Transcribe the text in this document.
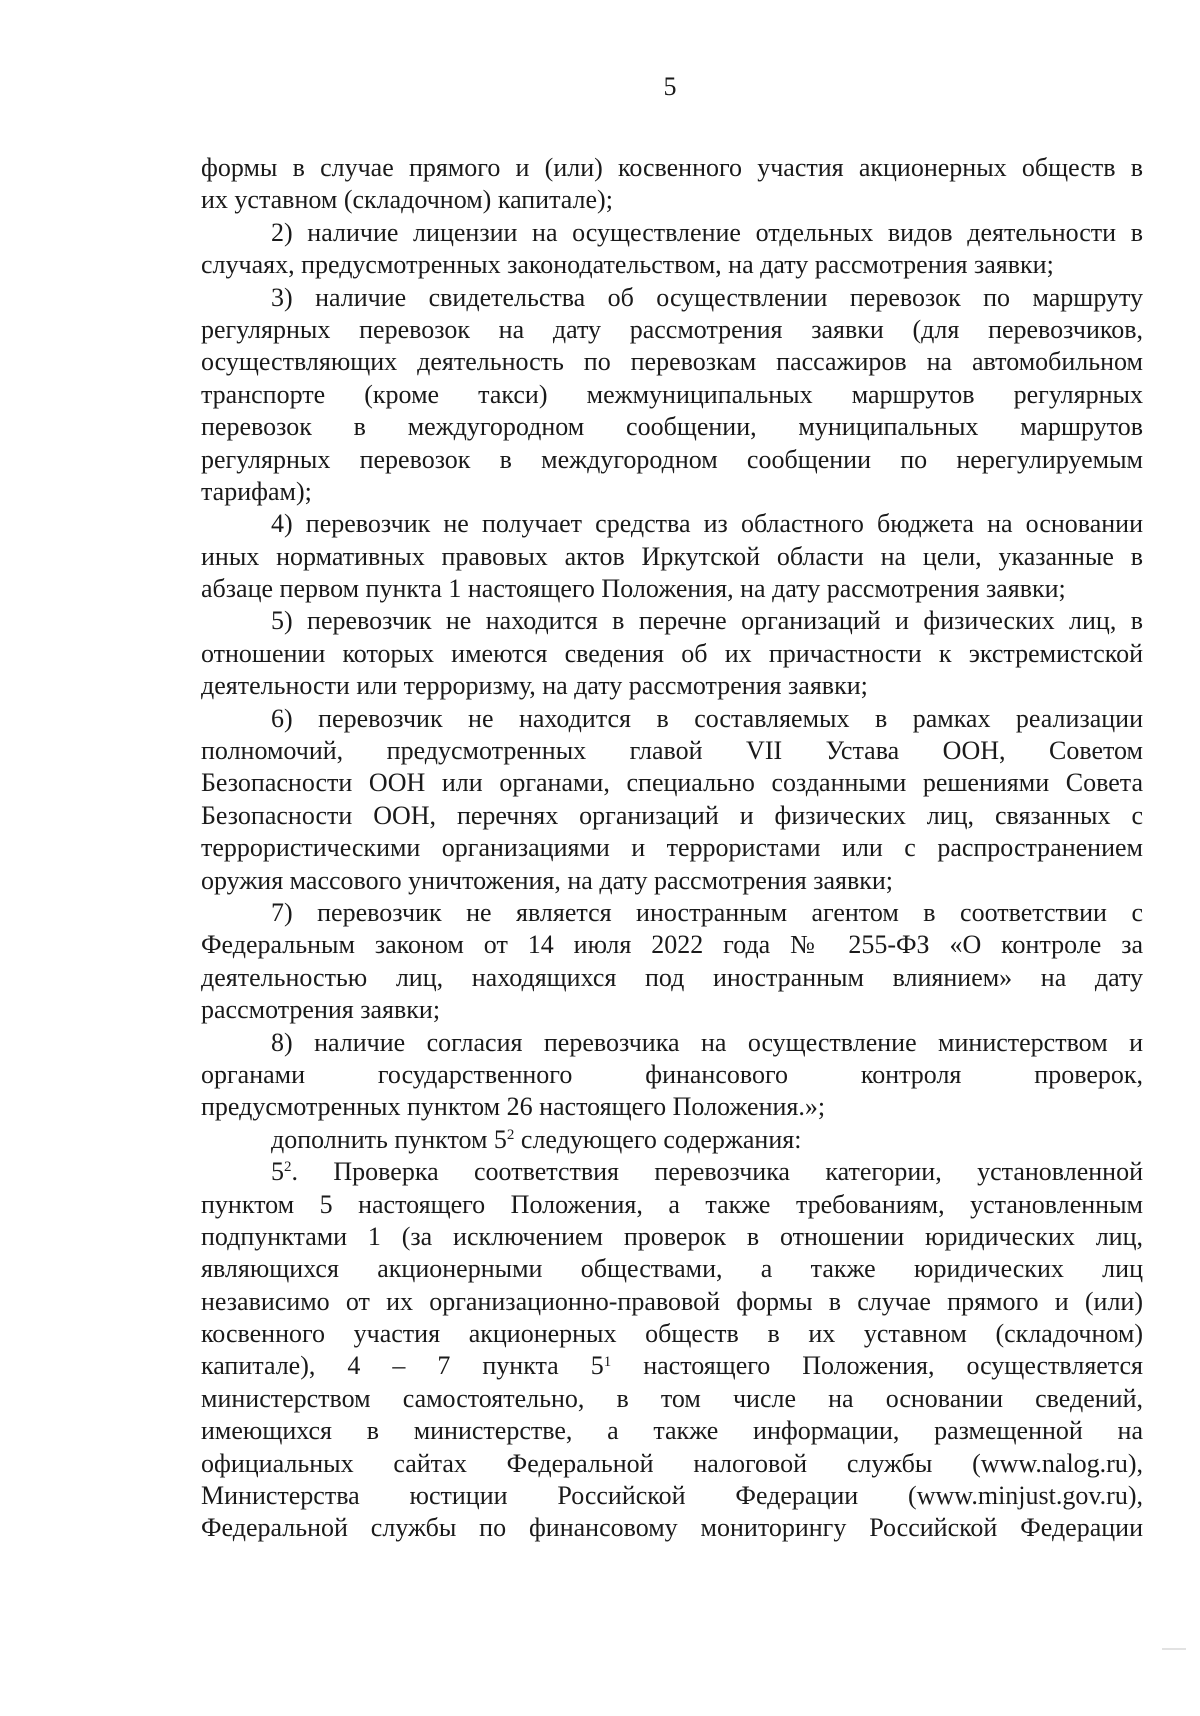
5
формы в случае прямого и (или) косвенного участия акционерных обществ в
их уставном (складочном) капитале);
2) наличие лицензии на осуществление отдельных видов деятельности в
случаях, предусмотренных законодательством, на дату рассмотрения заявки;
3) наличие свидетельства об осуществлении перевозок по маршруту
регулярных перевозок на дату рассмотрения заявки (для перевозчиков,
осуществляющих деятельность по перевозкам пассажиров на автомобильном
транспорте (кроме такси) межмуниципальных маршрутов регулярных
перевозок в междугородном сообщении, муниципальных маршрутов
регулярных перевозок в междугородном сообщении по нерегулируемым
тарифам);
4) перевозчик не получает средства из областного бюджета на основании
иных нормативных правовых актов Иркутской области на цели, указанные в
абзаце первом пункта 1 настоящего Положения, на дату рассмотрения заявки;
5) перевозчик не находится в перечне организаций и физических лиц, в
отношении которых имеются сведения об их причастности к экстремистской
деятельности или терроризму, на дату рассмотрения заявки;
6) перевозчик не находится в составляемых в рамках реализации
полномочий, предусмотренных главой VII Устава ООН, Советом
Безопасности ООН или органами, специально созданными решениями Совета
Безопасности ООН, перечнях организаций и физических лиц, связанных с
террористическими организациями и террористами или с распространением
оружия массового уничтожения, на дату рассмотрения заявки;
7) перевозчик не является иностранным агентом в соответствии с
Федеральным законом от 14 июля 2022 года № 255-ФЗ «О контроле за
деятельностью лиц, находящихся под иностранным влиянием» на дату
рассмотрения заявки;
8) наличие согласия перевозчика на осуществление министерством и
органами государственного финансового контроля проверок,
предусмотренных пунктом 26 настоящего Положения.»;
дополнить пунктом $5^2$ следующего содержания:
$5^2$. Проверка соответствия перевозчика категории, установленной
пунктом 5 настоящего Положения, а также требованиям, установленным
подпунктами 1 (за исключением проверок в отношении юридических лиц,
являющихся акционерными обществами, а также юридических лиц
независимо от их организационно-правовой формы в случае прямого и (или)
косвенного участия акционерных обществ в их уставном (складочном)
капитале), 4 – 7 пункта $5^1$ настоящего Положения, осуществляется
министерством самостоятельно, в том числе на основании сведений,
имеющихся в министерстве, а также информации, размещенной на
официальных сайтах Федеральной налоговой службы (www.nalog.ru),
Министерства юстиции Российской Федерации (www.minjust.gov.ru),
Федеральной службы по финансовому мониторингу Российской Федерации
